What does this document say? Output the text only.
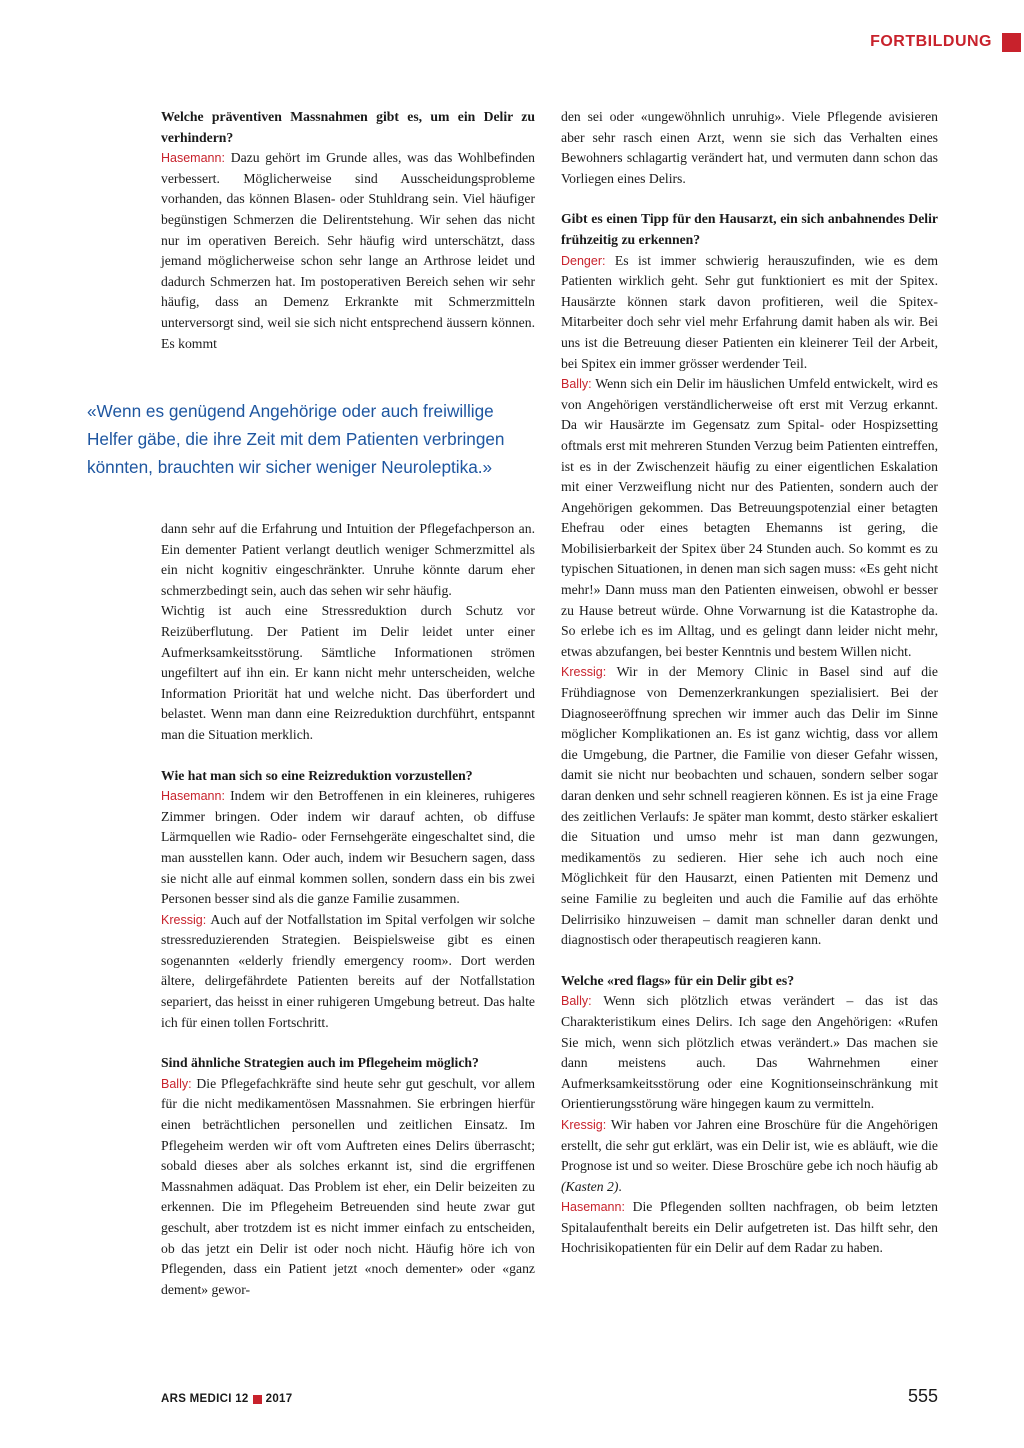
FORTBILDUNG

Welche präventiven Massnahmen gibt es, um ein Delir zu verhindern?

Hasemann: Dazu gehört im Grunde alles, was das Wohlbefinden verbessert. Möglicherweise sind Ausscheidungsprobleme vorhanden, das können Blasen- oder Stuhldrang sein. Viel häufiger begünstigen Schmerzen die Delirentstehung. Wir sehen das nicht nur im operativen Bereich. Sehr häufig wird unterschätzt, dass jemand möglicherweise schon sehr lange an Arthrose leidet und dadurch Schmerzen hat. Im postoperativen Bereich sehen wir sehr häufig, dass an Demenz Erkrankte mit Schmerzmitteln unterversorgt sind, weil sie sich nicht entsprechend äussern können. Es kommt

«Wenn es genügend Angehörige oder auch freiwillige Helfer gäbe, die ihre Zeit mit dem Patienten verbringen könnten, brauchten wir sicher weniger Neuroleptika.»

dann sehr auf die Erfahrung und Intuition der Pflegefachperson an. Ein dementer Patient verlangt deutlich weniger Schmerzmittel als ein nicht kognitiv eingeschränkter. Unruhe könnte darum eher schmerzbedingt sein, auch das sehen wir sehr häufig.

Wichtig ist auch eine Stressreduktion durch Schutz vor Reizüberflutung. Der Patient im Delir leidet unter einer Aufmerksamkeitsstörung. Sämtliche Informationen strömen ungefiltert auf ihn ein. Er kann nicht mehr unterscheiden, welche Information Priorität hat und welche nicht. Das überfordert und belastet. Wenn man dann eine Reizreduktion durchführt, entspannt man die Situation merklich.

Wie hat man sich so eine Reizreduktion vorzustellen?

Hasemann: Indem wir den Betroffenen in ein kleineres, ruhigeres Zimmer bringen. Oder indem wir darauf achten, ob diffuse Lärmquellen wie Radio- oder Fernsehgeräte eingeschaltet sind, die man ausstellen kann. Oder auch, indem wir Besuchern sagen, dass sie nicht alle auf einmal kommen sollen, sondern dass ein bis zwei Personen besser sind als die ganze Familie zusammen.

Kressig: Auch auf der Notfallstation im Spital verfolgen wir solche stressreduzierenden Strategien. Beispielsweise gibt es einen sogenannten «elderly friendly emergency room». Dort werden ältere, delirgefährdete Patienten bereits auf der Notfallstation separiert, das heisst in einer ruhigeren Umgebung betreut. Das halte ich für einen tollen Fortschritt.

Sind ähnliche Strategien auch im Pflegeheim möglich?

Bally: Die Pflegefachkräfte sind heute sehr gut geschult, vor allem für die nicht medikamentösen Massnahmen. Sie erbringen hierfür einen beträchtlichen personellen und zeitlichen Einsatz. Im Pflegeheim werden wir oft vom Auftreten eines Delirs überrascht; sobald dieses aber als solches erkannt ist, sind die ergriffenen Massnahmen adäquat. Das Problem ist eher, ein Delir beizeiten zu erkennen. Die im Pflegeheim Betreuenden sind heute zwar gut geschult, aber trotzdem ist es nicht immer einfach zu entscheiden, ob das jetzt ein Delir ist oder noch nicht. Häufig höre ich von Pflegenden, dass ein Patient jetzt «noch dementer» oder «ganz dement» gewor-

den sei oder «ungewöhnlich unruhig». Viele Pflegende avisieren aber sehr rasch einen Arzt, wenn sie sich das Verhalten eines Bewohners schlagartig verändert hat, und vermuten dann schon das Vorliegen eines Delirs.

Gibt es einen Tipp für den Hausarzt, ein sich anbahnendes Delir frühzeitig zu erkennen?

Denger: Es ist immer schwierig herauszufinden, wie es dem Patienten wirklich geht. Sehr gut funktioniert es mit der Spitex. Hausärzte können stark davon profitieren, weil die Spitex-Mitarbeiter doch sehr viel mehr Erfahrung damit haben als wir. Bei uns ist die Betreuung dieser Patienten ein kleinerer Teil der Arbeit, bei Spitex ein immer grösser werdender Teil.

Bally: Wenn sich ein Delir im häuslichen Umfeld entwickelt, wird es von Angehörigen verständlicherweise oft erst mit Verzug erkannt. Da wir Hausärzte im Gegensatz zum Spital- oder Hospizsetting oftmals erst mit mehreren Stunden Verzug beim Patienten eintreffen, ist es in der Zwischenzeit häufig zu einer eigentlichen Eskalation mit einer Verzweiflung nicht nur des Patienten, sondern auch der Angehörigen gekommen. Das Betreuungspotenzial einer betagten Ehefrau oder eines betagten Ehemanns ist gering, die Mobilisierbarkeit der Spitex über 24 Stunden auch. So kommt es zu typischen Situationen, in denen man sich sagen muss: «Es geht nicht mehr!» Dann muss man den Patienten einweisen, obwohl er besser zu Hause betreut würde. Ohne Vorwarnung ist die Katastrophe da. So erlebe ich es im Alltag, und es gelingt dann leider nicht mehr, etwas abzufangen, bei bester Kenntnis und bestem Willen nicht.

Kressig: Wir in der Memory Clinic in Basel sind auf die Frühdiagnose von Demenzerkrankungen spezialisiert. Bei der Diagnoseeröffnung sprechen wir immer auch das Delir im Sinne möglicher Komplikationen an. Es ist ganz wichtig, dass vor allem die Umgebung, die Partner, die Familie von dieser Gefahr wissen, damit sie nicht nur beobachten und schauen, sondern selber sogar daran denken und sehr schnell reagieren können. Es ist ja eine Frage des zeitlichen Verlaufs: Je später man kommt, desto stärker eskaliert die Situation und umso mehr ist man dann gezwungen, medikamentös zu sedieren. Hier sehe ich auch noch eine Möglichkeit für den Hausarzt, einen Patienten mit Demenz und seine Familie zu begleiten und auch die Familie auf das erhöhte Delirrisiko hinzuweisen – damit man schneller daran denkt und diagnostisch oder therapeutisch reagieren kann.

Welche «red flags» für ein Delir gibt es?

Bally: Wenn sich plötzlich etwas verändert – das ist das Charakteristikum eines Delirs. Ich sage den Angehörigen: «Rufen Sie mich, wenn sich plötzlich etwas verändert.» Das machen sie dann meistens auch. Das Wahrnehmen einer Aufmerksamkeitsstörung oder eine Kognitionseinschränkung mit Orientierungsstörung wäre hingegen kaum zu vermitteln.

Kressig: Wir haben vor Jahren eine Broschüre für die Angehörigen erstellt, die sehr gut erklärt, was ein Delir ist, wie es abläuft, wie die Prognose ist und so weiter. Diese Broschüre gebe ich noch häufig ab (Kasten 2).

Hasemann: Die Pflegenden sollten nachfragen, ob beim letzten Spitalaufenthalt bereits ein Delir aufgetreten ist. Das hilft sehr, den Hochrisikopatienten für ein Delir auf dem Radar zu haben.

ARS MEDICI 12 2017	555
